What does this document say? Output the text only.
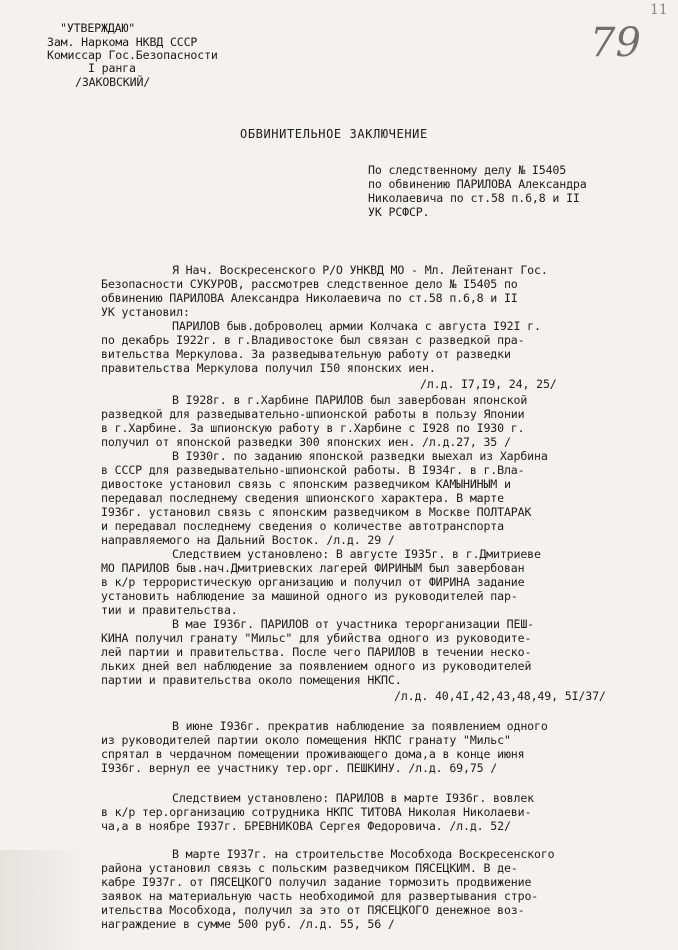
11
79
"УТВЕРЖДАЮ"
Зам. Наркома НКВД СССР
Комиссар Гос.Безопасности
I ранга
/ЗАКОВСКИЙ/
ОБВИНИТЕЛЬНОЕ ЗАКЛЮЧЕНИЕ
По следственному делу № I5405
по обвинению ПАРИЛОВА Александра
Николаевича по ст.58 п.6,8 и II
УК РСФСР.
Я Нач. Воскресенского Р/О УНКВД МО - Мл. Лейтенант Гос.
Безопасности СУКУРОВ, рассмотрев следственное дело № I5405 по
обвинению ПАРИЛОВА Александра Николаевича по ст.58 п.6,8 и II
УК установил:
ПАРИЛОВ быв.доброволец армии Колчака с августа I92I г.
по декабрь I922г. в г.Владивостоке был связан с разведкой пра-
вительства Меркулова. За разведывательную работу от разведки
правительства Меркулова получил I50 японских иен.
/л.д. I7,I9, 24, 25/
В I928г. в г.Харбине ПАРИЛОВ был завербован японской
разведкой для разведывательно-шпионской работы в пользу Японии
в г.Харбине. За шпионскую работу в г.Харбине с I928 по I930 г.
получил от японской разведки 300 японских иен. /л.д.27, 35 /
В I930г. по заданию японской разведки выехал из Харбина
в СССР для разведывательно-шпионской работы. В I934г. в г.Вла-
дивостоке установил связь с японским разведчиком КАМЫНИНЫМ и
передавал последнему сведения шпионского характера. В марте
I936г. установил связь с японским разведчиком в Москве ПОЛТАРАК
и передавал последнему сведения о количестве автотранспорта
направляемого на Дальний Восток. /л.д. 29 /
Следствием установлено: В августе I935г. в г.Дмитриеве
МО ПАРИЛОВ быв.нач.Дмитриевских лагерей ФИРИНЫМ был завербован
в к/р террористическую организацию и получил от ФИРИНА задание
установить наблюдение за машиной одного из руководителей пар-
тии и правительства.
В мае I936г. ПАРИЛОВ от участника терорганизации ПЕШ-
КИНА получил гранату "Мильс" для убийства одного из руководите-
лей партии и правительства. После чего ПАРИЛОВ в течении неско-
льких дней вел наблюдение за появлением одного из руководителей
партии и правительства около помещения НКПС.
/л.д. 40,4I,42,43,48,49, 5I/37/
В июне I936г. прекратив наблюдение за появлением одного
из руководителей партии около помещения НКПС гранату "Мильс"
спрятал в чердачном помещении проживающего дома,а в конце июня
I936г. вернул ее участнику тер.орг. ПЕШКИНУ. /л.д. 69,75 /
Следствием установлено: ПАРИЛОВ в марте I936г. вовлек
в к/р тер.организацию сотрудника НКПС ТИТОВА Николая Николаеви-
ча,а в ноябре I937г. БРЕВНИКОВА Сергея Федоровича. /л.д. 52/
В марте I937г. на строительстве Мособхода Воскресенского
района установил связь с польским разведчиком ПЯСЕЦКИМ. В де-
кабре I937г. от ПЯСЕЦКОГО получил задание тормозить продвижение
заявок на материальную часть необходимой для развертывания стро-
ительства Мособхода, получил за это от ПЯСЕЦКОГО денежное воз-
награждение в сумме 500 руб. /л.д. 55, 56 /
